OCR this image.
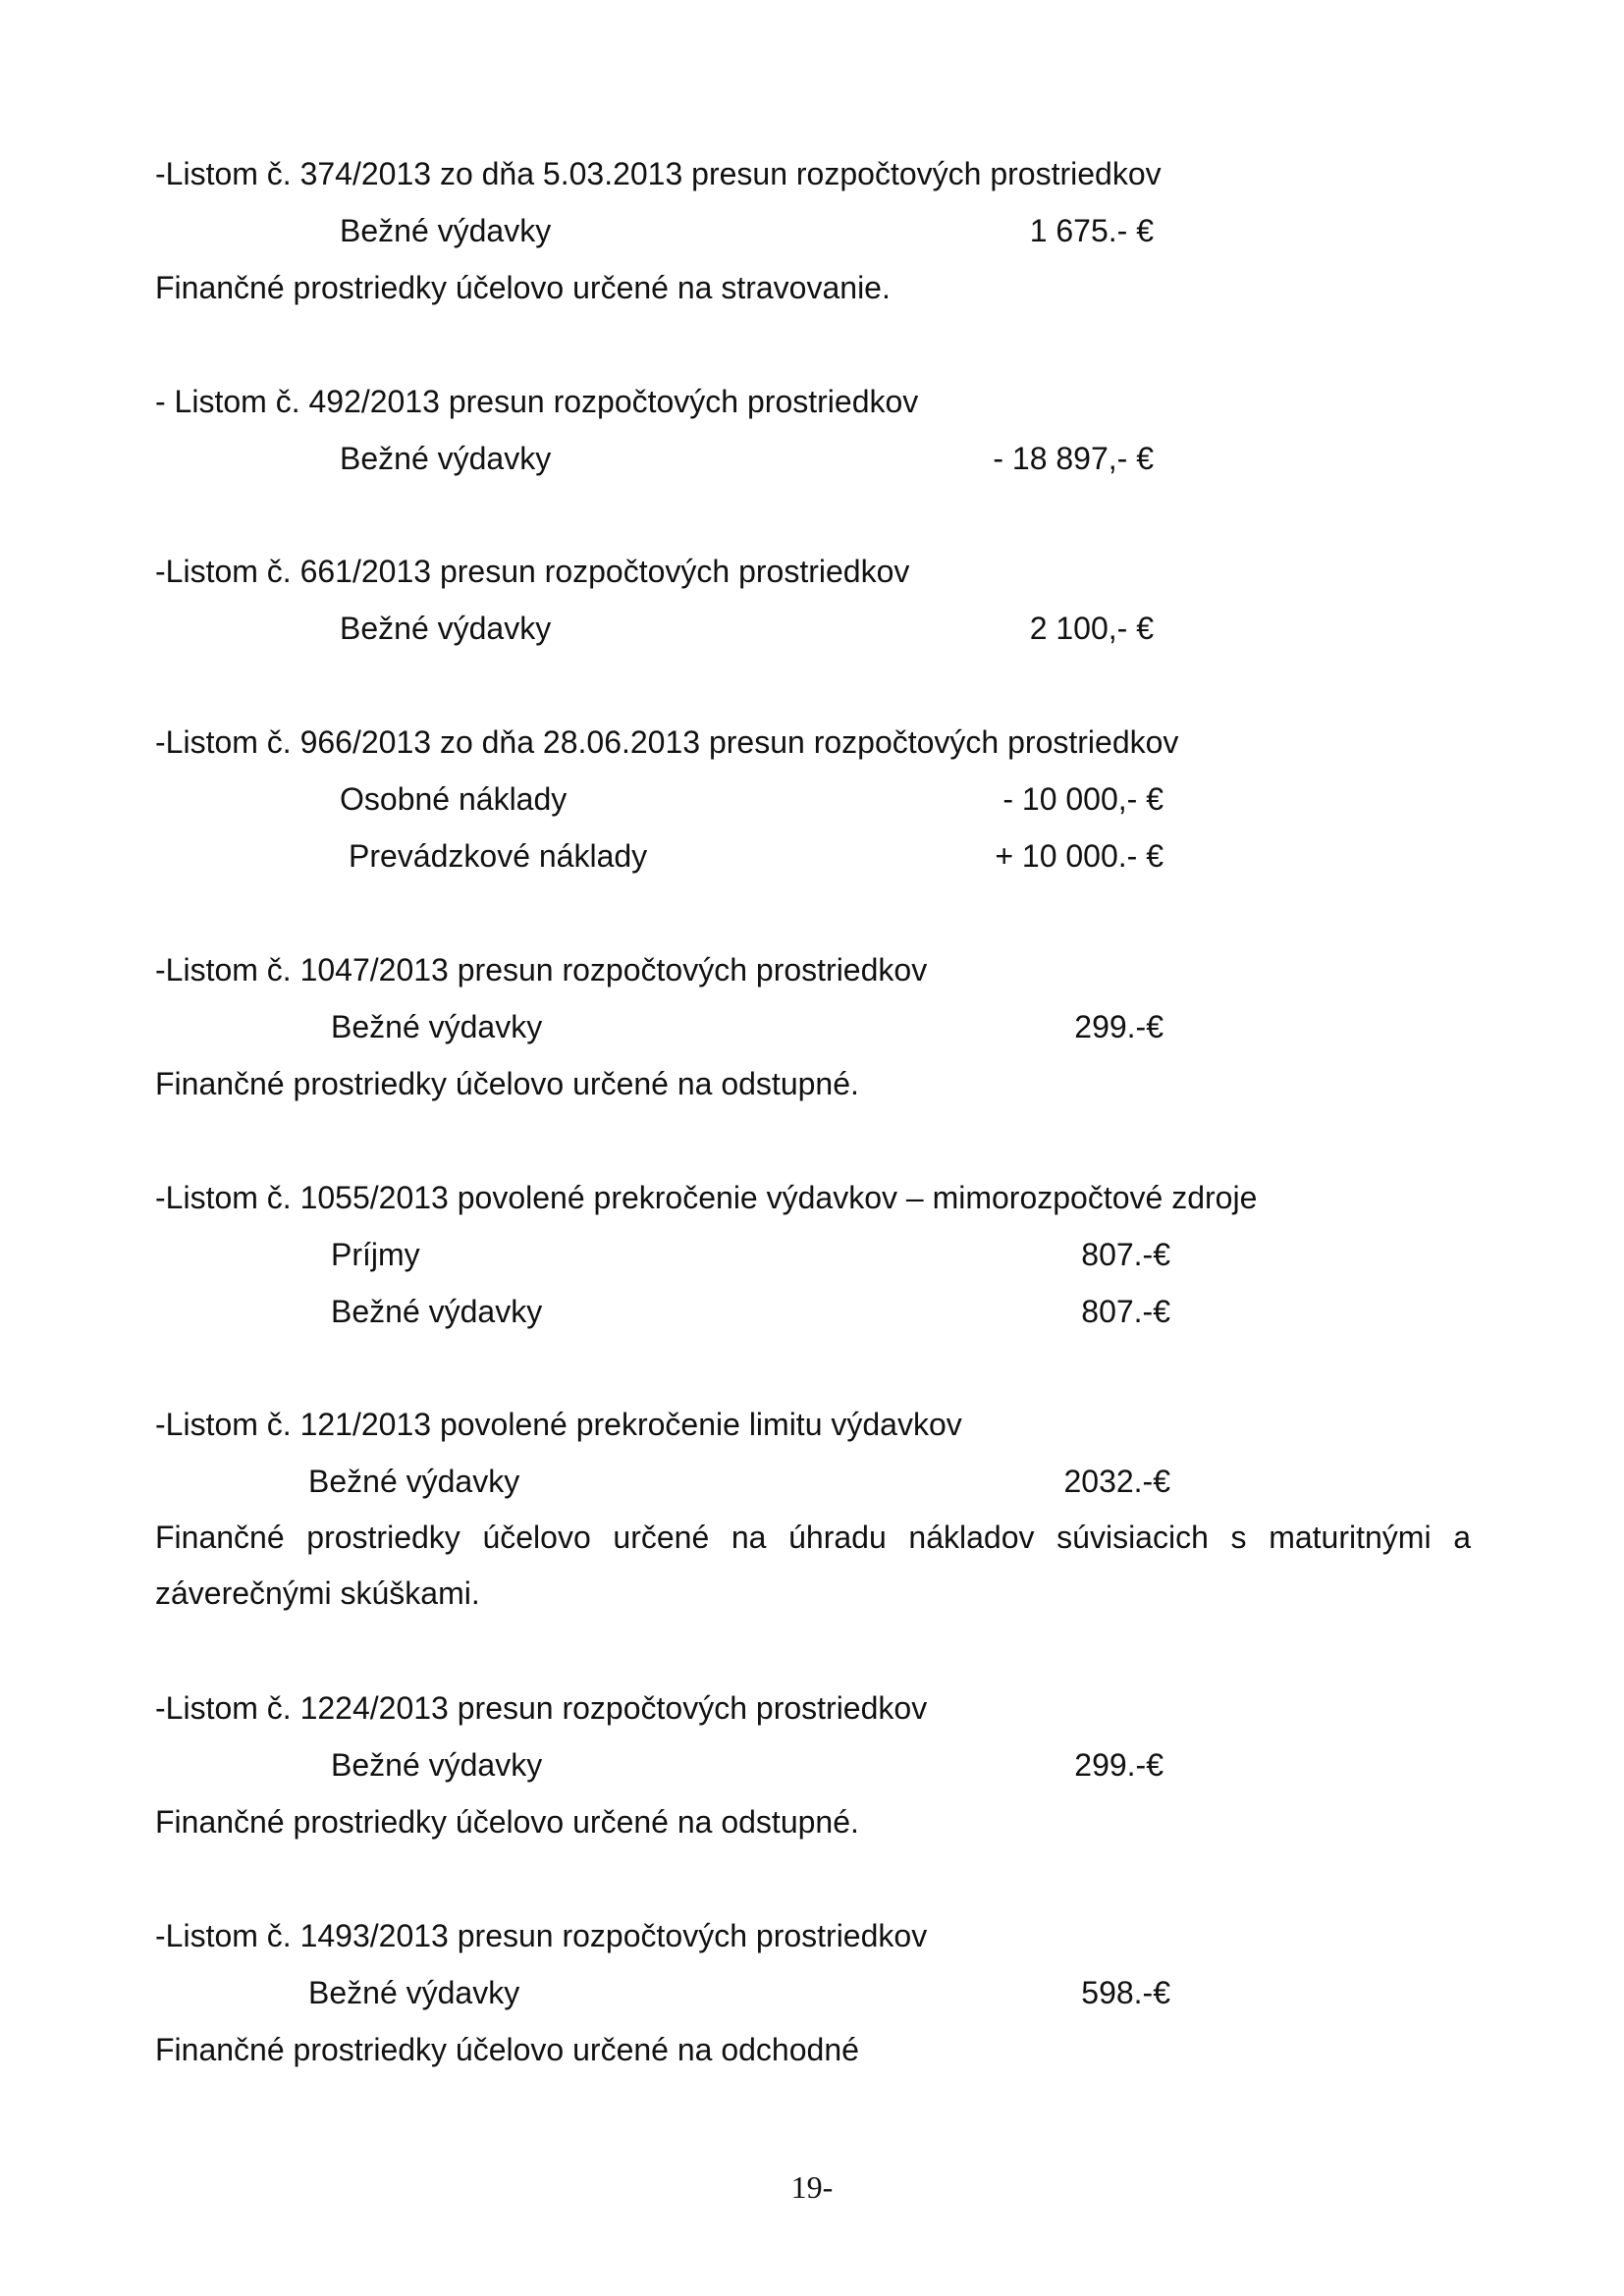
-Listom č. 374/2013 zo dňa 5.03.2013 presun rozpočtových prostriedkov
Bežné výdavky	1 675.- €
Finančné prostriedky účelovo určené na stravovanie.
- Listom č. 492/2013 presun rozpočtových prostriedkov
Bežné výdavky	- 18 897,- €
-Listom č. 661/2013 presun rozpočtových prostriedkov
Bežné výdavky	2 100,- €
-Listom č. 966/2013 zo dňa 28.06.2013 presun rozpočtových prostriedkov
Osobné náklady	- 10 000,- €
Prevádzkové náklady	+ 10 000.- €
-Listom č. 1047/2013 presun rozpočtových prostriedkov
Bežné výdavky	299.-€
Finančné prostriedky účelovo určené na odstupné.
-Listom č. 1055/2013 povolené prekročenie výdavkov – mimorozpočtové zdroje
Príjmy	807.-€
Bežné výdavky	807.-€
-Listom č. 121/2013 povolené prekročenie limitu výdavkov
Bežné výdavky	2032.-€
Finančné prostriedky účelovo určené na úhradu nákladov súvisiacich s maturitnými a záverečnými skúškami.
-Listom č. 1224/2013 presun rozpočtových prostriedkov
Bežné výdavky	299.-€
Finančné prostriedky účelovo určené na odstupné.
-Listom č. 1493/2013 presun rozpočtových prostriedkov
Bežné výdavky	598.-€
Finančné prostriedky účelovo určené na odchodné
19-
